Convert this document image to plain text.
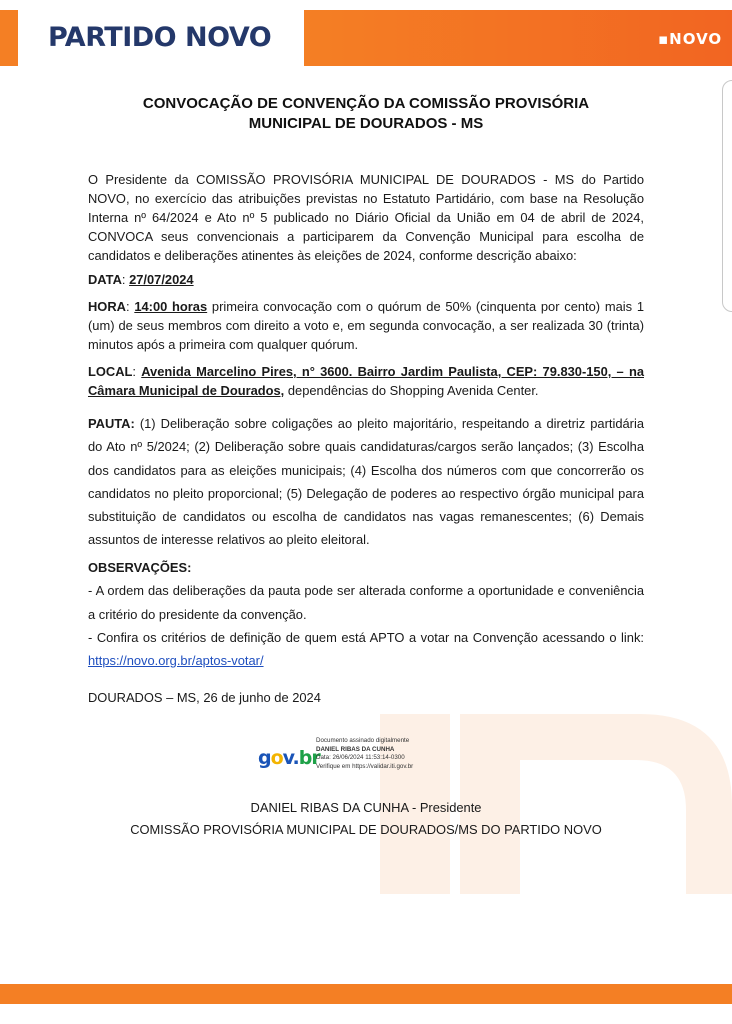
PARTIDO NOVO	▪NOVO
CONVOCAÇÃO DE CONVENÇÃO DA COMISSÃO PROVISÓRIA
MUNICIPAL DE DOURADOS - MS
O Presidente da COMISSÃO PROVISÓRIA MUNICIPAL DE DOURADOS - MS do Partido NOVO, no exercício das atribuições previstas no Estatuto Partidário, com base na Resolução Interna nº 64/2024 e Ato nº 5 publicado no Diário Oficial da União em 04 de abril de 2024, CONVOCA seus convencionais a participarem da Convenção Municipal para escolha de candidatos e deliberações atinentes às eleições de 2024, conforme descrição abaixo:
DATA: 27/07/2024
HORA: 14:00 horas primeira convocação com o quórum de 50% (cinquenta por cento) mais 1 (um) de seus membros com direito a voto e, em segunda convocação, a ser realizada 30 (trinta) minutos após a primeira com qualquer quórum.
LOCAL: Avenida Marcelino Pires, n° 3600. Bairro Jardim Paulista, CEP: 79.830-150, – na Câmara Municipal de Dourados, dependências do Shopping Avenida Center.
PAUTA: (1) Deliberação sobre coligações ao pleito majoritário, respeitando a diretriz partidária do Ato nº 5/2024; (2) Deliberação sobre quais candidaturas/cargos serão lançados; (3) Escolha dos candidatos para as eleições municipais; (4) Escolha dos números com que concorrerão os candidatos no pleito proporcional; (5) Delegação de poderes ao respectivo órgão municipal para substituição de candidatos ou escolha de candidatos nas vagas remanescentes; (6) Demais assuntos de interesse relativos ao pleito eleitoral.
OBSERVAÇÕES:
- A ordem das deliberações da pauta pode ser alterada conforme a oportunidade e conveniência a critério do presidente da convenção.
- Confira os critérios de definição de quem está APTO a votar na Convenção acessando o link: https://novo.org.br/aptos-votar/
DOURADOS – MS, 26 de junho de 2024
gov.br
Documento assinado digitalmente
DANIEL RIBAS DA CUNHA
Data: 26/06/2024 11:53:14-0300
Verifique em https://validar.iti.gov.br
DANIEL RIBAS DA CUNHA - Presidente
COMISSÃO PROVISÓRIA MUNICIPAL DE DOURADOS/MS DO PARTIDO NOVO
